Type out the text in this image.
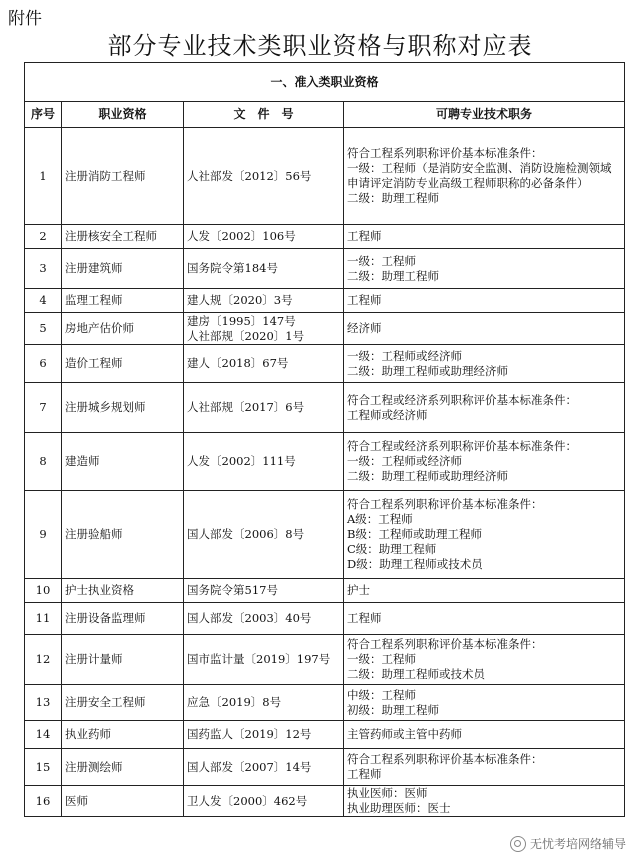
附件
部分专业技术类职业资格与职称对应表
一、准入类职业资格			
序号	职业资格	文　件　号	可聘专业技术职务
1	注册消防工程师	人社部发〔2012〕56号	符合工程系列职称评价基本标准条件：
一级：工程师（是消防安全监测、消防设施检测领域申请评定消防专业高级工程师职称的必备条件）
二级：助理工程师

2	注册核安全工程师	人发〔2002〕106号	工程师

3	注册建筑师	国务院令第184号	一级：工程师
二级：助理工程师

4	监理工程师	建人规〔2020〕3号	工程师

5	房地产估价师	建房〔1995〕147号
人社部规〔2020〕1号	经济师

6	造价工程师	建人〔2018〕67号	一级：工程师或经济师
二级：助理工程师或助理经济师

7	注册城乡规划师	人社部规〔2017〕6号	符合工程或经济系列职称评价基本标准条件：
工程师或经济师

8	建造师	人发〔2002〕111号	符合工程或经济系列职称评价基本标准条件：
一级：工程师或经济师
二级：助理工程师或助理经济师

9	注册验船师	国人部发〔2006〕8号	符合工程系列职称评价基本标准条件：
A级：工程师
B级：工程师或助理工程师
C级：助理工程师
D级：助理工程师或技术员

10	护士执业资格	国务院令第517号	护士

11	注册设备监理师	国人部发〔2003〕40号	工程师

12	注册计量师	国市监计量〔2019〕197号	符合工程系列职称评价基本标准条件：
一级：工程师
二级：助理工程师或技术员

13	注册安全工程师	应急〔2019〕8号	中级：工程师
初级：助理工程师

14	执业药师	国药监人〔2019〕12号	主管药师或主管中药师

15	注册测绘师	国人部发〔2007〕14号	符合工程系列职称评价基本标准条件：
工程师

16	医师	卫人发〔2000〕462号	执业医师：医师
执业助理医师：医士
无忧考培网络辅导
